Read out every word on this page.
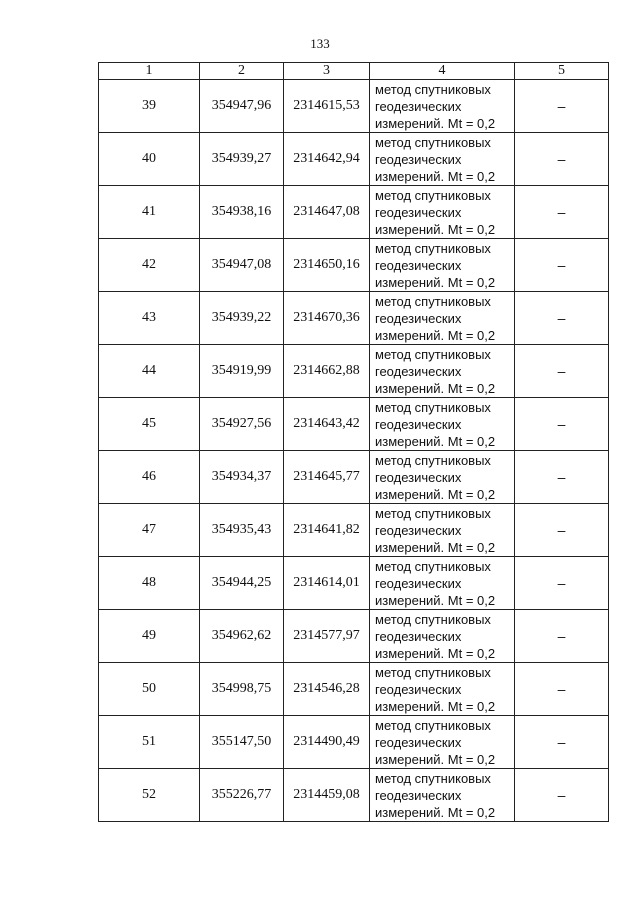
133
1	2	3	4	5
39	354947,96	2314615,53	метод спутниковых
геодезических
измерений. Mt = 0,2	–
40	354939,27	2314642,94	метод спутниковых
геодезических
измерений. Mt = 0,2	–
41	354938,16	2314647,08	метод спутниковых
геодезических
измерений. Mt = 0,2	–
42	354947,08	2314650,16	метод спутниковых
геодезических
измерений. Mt = 0,2	–
43	354939,22	2314670,36	метод спутниковых
геодезических
измерений. Mt = 0,2	–
44	354919,99	2314662,88	метод спутниковых
геодезических
измерений. Mt = 0,2	–
45	354927,56	2314643,42	метод спутниковых
геодезических
измерений. Mt = 0,2	–
46	354934,37	2314645,77	метод спутниковых
геодезических
измерений. Mt = 0,2	–
47	354935,43	2314641,82	метод спутниковых
геодезических
измерений. Mt = 0,2	–
48	354944,25	2314614,01	метод спутниковых
геодезических
измерений. Mt = 0,2	–
49	354962,62	2314577,97	метод спутниковых
геодезических
измерений. Mt = 0,2	–
50	354998,75	2314546,28	метод спутниковых
геодезических
измерений. Mt = 0,2	–
51	355147,50	2314490,49	метод спутниковых
геодезических
измерений. Mt = 0,2	–
52	355226,77	2314459,08	метод спутниковых
геодезических
измерений. Mt = 0,2	–
